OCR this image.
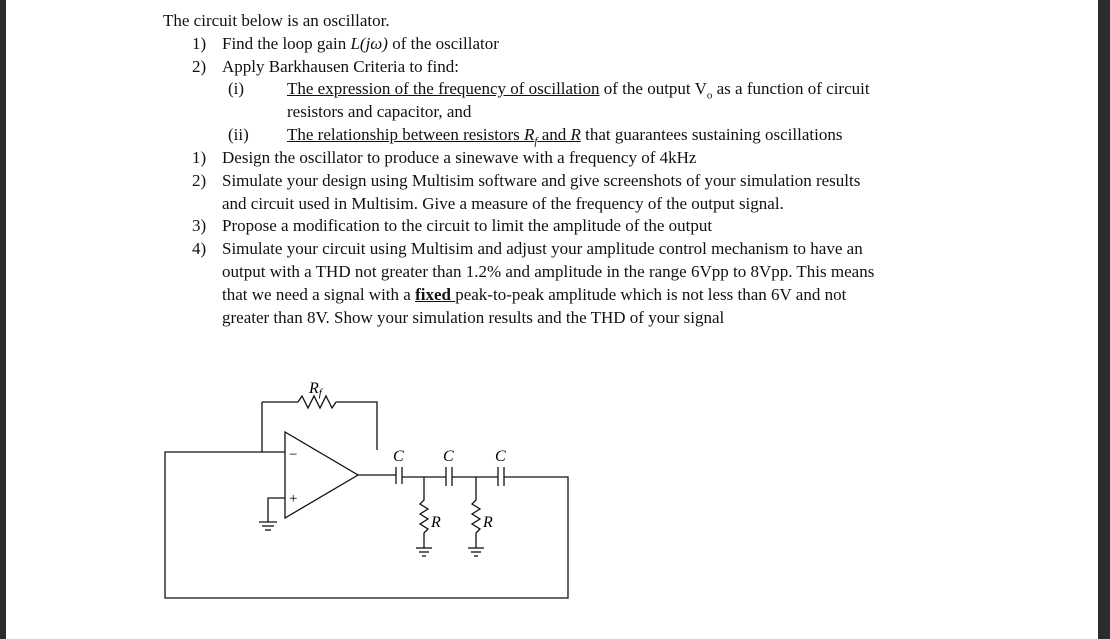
The circuit below is an oscillator.
1) Find the loop gain L(jω) of the oscillator
2) Apply Barkhausen Criteria to find:
(i)	The expression of the frequency of oscillation of the output $V_o$ as a function of circuit
resistors and capacitor, and
(ii) The relationship between resistors $R_f$ and R that guarantees sustaining oscillations
1) Design the oscillator to produce a sinewave with a frequency of 4kHz
2) Simulate your design using Multisim software and give screenshots of your simulation results
and circuit used in Multisim. Give a measure of the frequency of the output signal.
3) Propose a modification to the circuit to limit the amplitude of the output
4) Simulate your circuit using Multisim and adjust your amplitude control mechanism to have an
output with a THD not greater than 1.2% and amplitude in the range 6Vpp to 8Vpp. This means
that we need a signal with a fixed peak-to-peak amplitude which is not less than 6V and not
greater than 8V. Show your simulation results and the THD of your signal
Rf
C C	C
R	R
−
+
